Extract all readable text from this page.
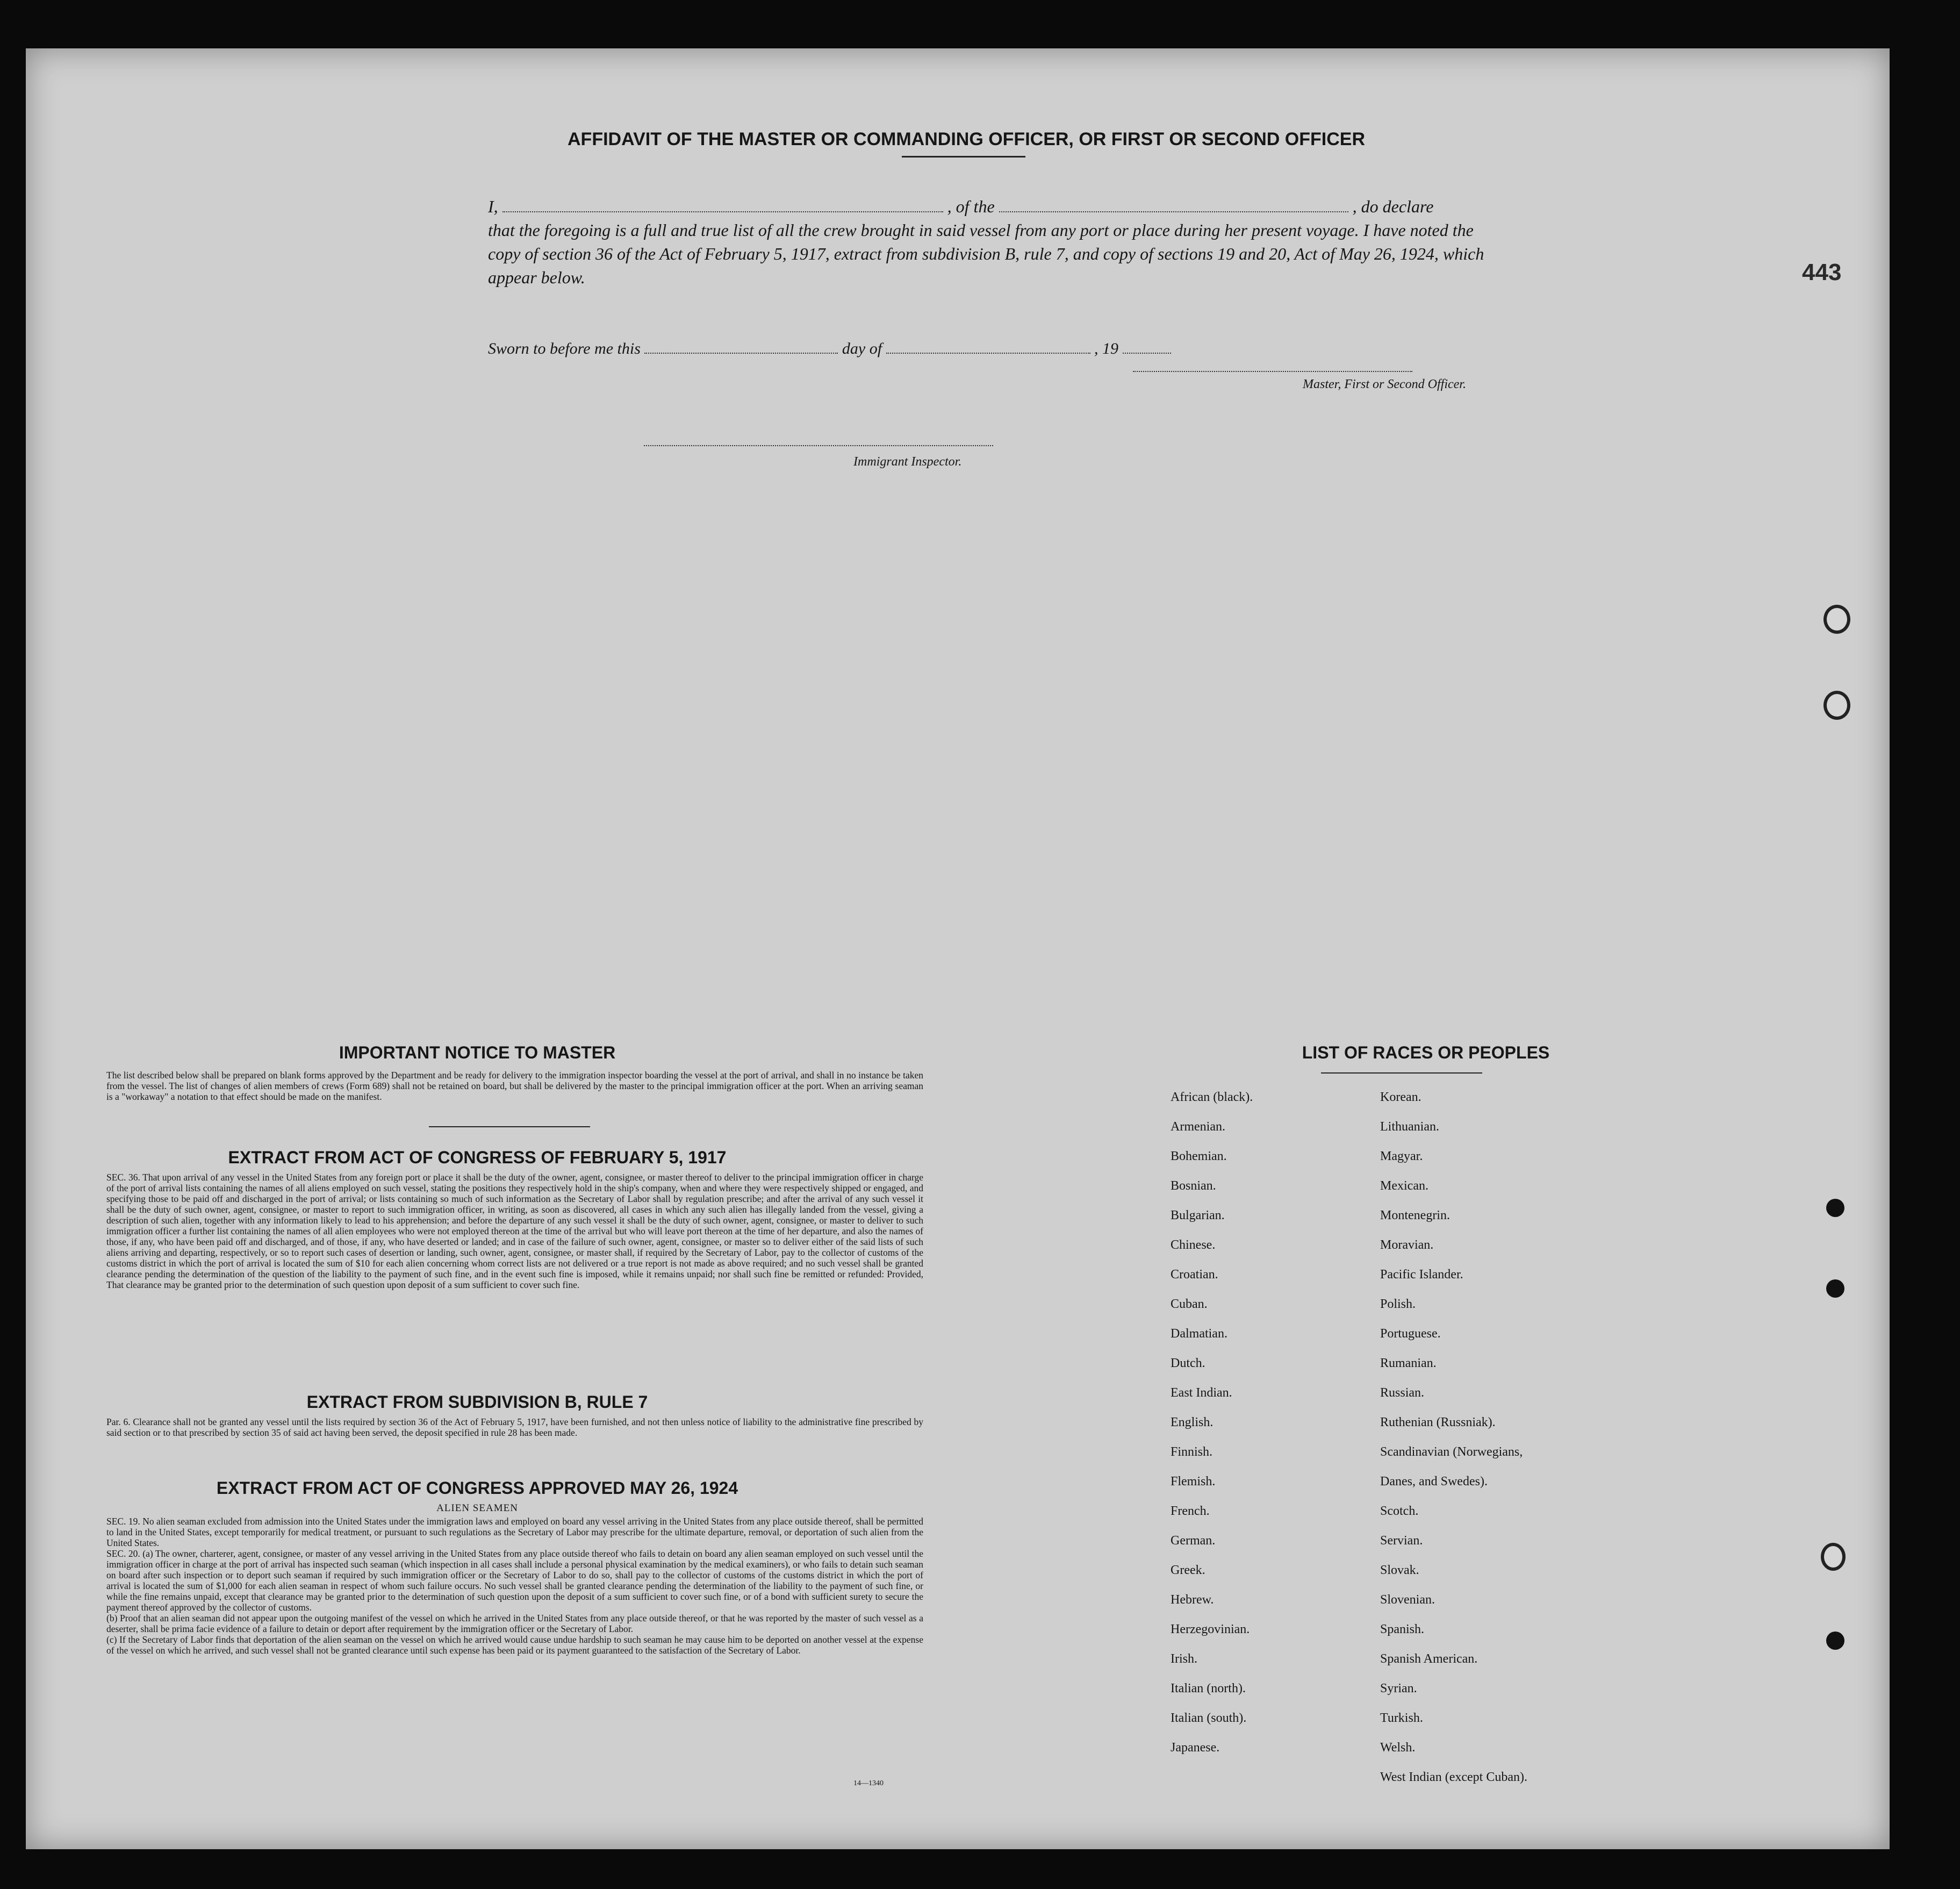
443
AFFIDAVIT OF THE MASTER OR COMMANDING OFFICER, OR FIRST OR SECOND OFFICER
I,	, of the	, do declare
that the foregoing is a full and true list of all the crew brought in said vessel from any port or place during her present voyage. I have noted the copy of section 36 of the Act of February 5, 1917, extract from subdivision B, rule 7, and copy of sections 19 and 20, Act of May 26, 1924, which appear below.
Master, First or Second Officer.
Sworn to before me this	day of	, 19
Immigrant Inspector.
IMPORTANT NOTICE TO MASTER
The list described below shall be prepared on blank forms approved by the Department and be ready for delivery to the immigration inspector boarding the vessel at the port of arrival, and shall in no instance be taken from the vessel. The list of changes of alien members of crews (Form 689) shall not be retained on board, but shall be delivered by the master to the principal immigration officer at the port. When an arriving seaman is a "workaway" a notation to that effect should be made on the manifest.
EXTRACT FROM ACT OF CONGRESS OF FEBRUARY 5, 1917
SEC. 36. That upon arrival of any vessel in the United States from any foreign port or place it shall be the duty of the owner, agent, consignee, or master thereof to deliver to the principal immigration officer in charge of the port of arrival lists containing the names of all aliens employed on such vessel, stating the positions they respectively hold in the ship's company, when and where they were respectively shipped or engaged, and specifying those to be paid off and discharged in the port of arrival; or lists containing so much of such information as the Secretary of Labor shall by regulation prescribe; and after the arrival of any such vessel it shall be the duty of such owner, agent, consignee, or master to report to such immigration officer, in writing, as soon as discovered, all cases in which any such alien has illegally landed from the vessel, giving a description of such alien, together with any information likely to lead to his apprehension; and before the departure of any such vessel it shall be the duty of such owner, agent, consignee, or master to deliver to such immigration officer a further list containing the names of all alien employees who were not employed thereon at the time of the arrival but who will leave port thereon at the time of her departure, and also the names of those, if any, who have been paid off and discharged, and of those, if any, who have deserted or landed; and in case of the failure of such owner, agent, consignee, or master so to deliver either of the said lists of such aliens arriving and departing, respectively, or so to report such cases of desertion or landing, such owner, agent, consignee, or master shall, if required by the Secretary of Labor, pay to the collector of customs of the customs district in which the port of arrival is located the sum of $10 for each alien concerning whom correct lists are not delivered or a true report is not made as above required; and no such vessel shall be granted clearance pending the determination of the question of the liability to the payment of such fine, and in the event such fine is imposed, while it remains unpaid; nor shall such fine be remitted or refunded: Provided, That clearance may be granted prior to the determination of such question upon deposit of a sum sufficient to cover such fine.
EXTRACT FROM SUBDIVISION B, RULE 7
Par. 6. Clearance shall not be granted any vessel until the lists required by section 36 of the Act of February 5, 1917, have been furnished, and not then unless notice of liability to the administrative fine prescribed by said section or to that prescribed by section 35 of said act having been served, the deposit specified in rule 28 has been made.
EXTRACT FROM ACT OF CONGRESS APPROVED MAY 26, 1924
ALIEN SEAMEN
SEC. 19. No alien seaman excluded from admission into the United States under the immigration laws and employed on board any vessel arriving in the United States from any place outside thereof, shall be permitted to land in the United States, except temporarily for medical treatment, or pursuant to such regulations as the Secretary of Labor may prescribe for the ultimate departure, removal, or deportation of such alien from the United States.
SEC. 20. (a) The owner, charterer, agent, consignee, or master of any vessel arriving in the United States from any place outside thereof who fails to detain on board any alien seaman employed on such vessel until the immigration officer in charge at the port of arrival has inspected such seaman (which inspection in all cases shall include a personal physical examination by the medical examiners), or who fails to detain such seaman on board after such inspection or to deport such seaman if required by such immigration officer or the Secretary of Labor to do so, shall pay to the collector of customs of the customs district in which the port of arrival is located the sum of $1,000 for each alien seaman in respect of whom such failure occurs. No such vessel shall be granted clearance pending the determination of the liability to the payment of such fine, or while the fine remains unpaid, except that clearance may be granted prior to the determination of such question upon the deposit of a sum sufficient to cover such fine, or of a bond with sufficient surety to secure the payment thereof approved by the collector of customs.
(b) Proof that an alien seaman did not appear upon the outgoing manifest of the vessel on which he arrived in the United States from any place outside thereof, or that he was reported by the master of such vessel as a deserter, shall be prima facie evidence of a failure to detain or deport after requirement by the immigration officer or the Secretary of Labor.
(c) If the Secretary of Labor finds that deportation of the alien seaman on the vessel on which he arrived would cause undue hardship to such seaman he may cause him to be deported on another vessel at the expense of the vessel on which he arrived, and such vessel shall not be granted clearance until such expense has been paid or its payment guaranteed to the satisfaction of the Secretary of Labor.
14—1340
LIST OF RACES OR PEOPLES
African (black).
Armenian.
Bohemian.
Bosnian.
Bulgarian.
Chinese.
Croatian.
Cuban.
Dalmatian.
Dutch.
East Indian.
English.
Finnish.
Flemish.
French.
German.
Greek.
Hebrew.
Herzegovinian.
Irish.
Italian (north).
Italian (south).
Japanese.
Korean.
Lithuanian.
Magyar.
Mexican.
Montenegrin.
Moravian.
Pacific Islander.
Polish.
Portuguese.
Rumanian.
Russian.
Ruthenian (Russniak).
Scandinavian (Norwegians,
Danes, and Swedes).
Scotch.
Servian.
Slovak.
Slovenian.
Spanish.
Spanish American.
Syrian.
Turkish.
Welsh.
West Indian (except Cuban).
